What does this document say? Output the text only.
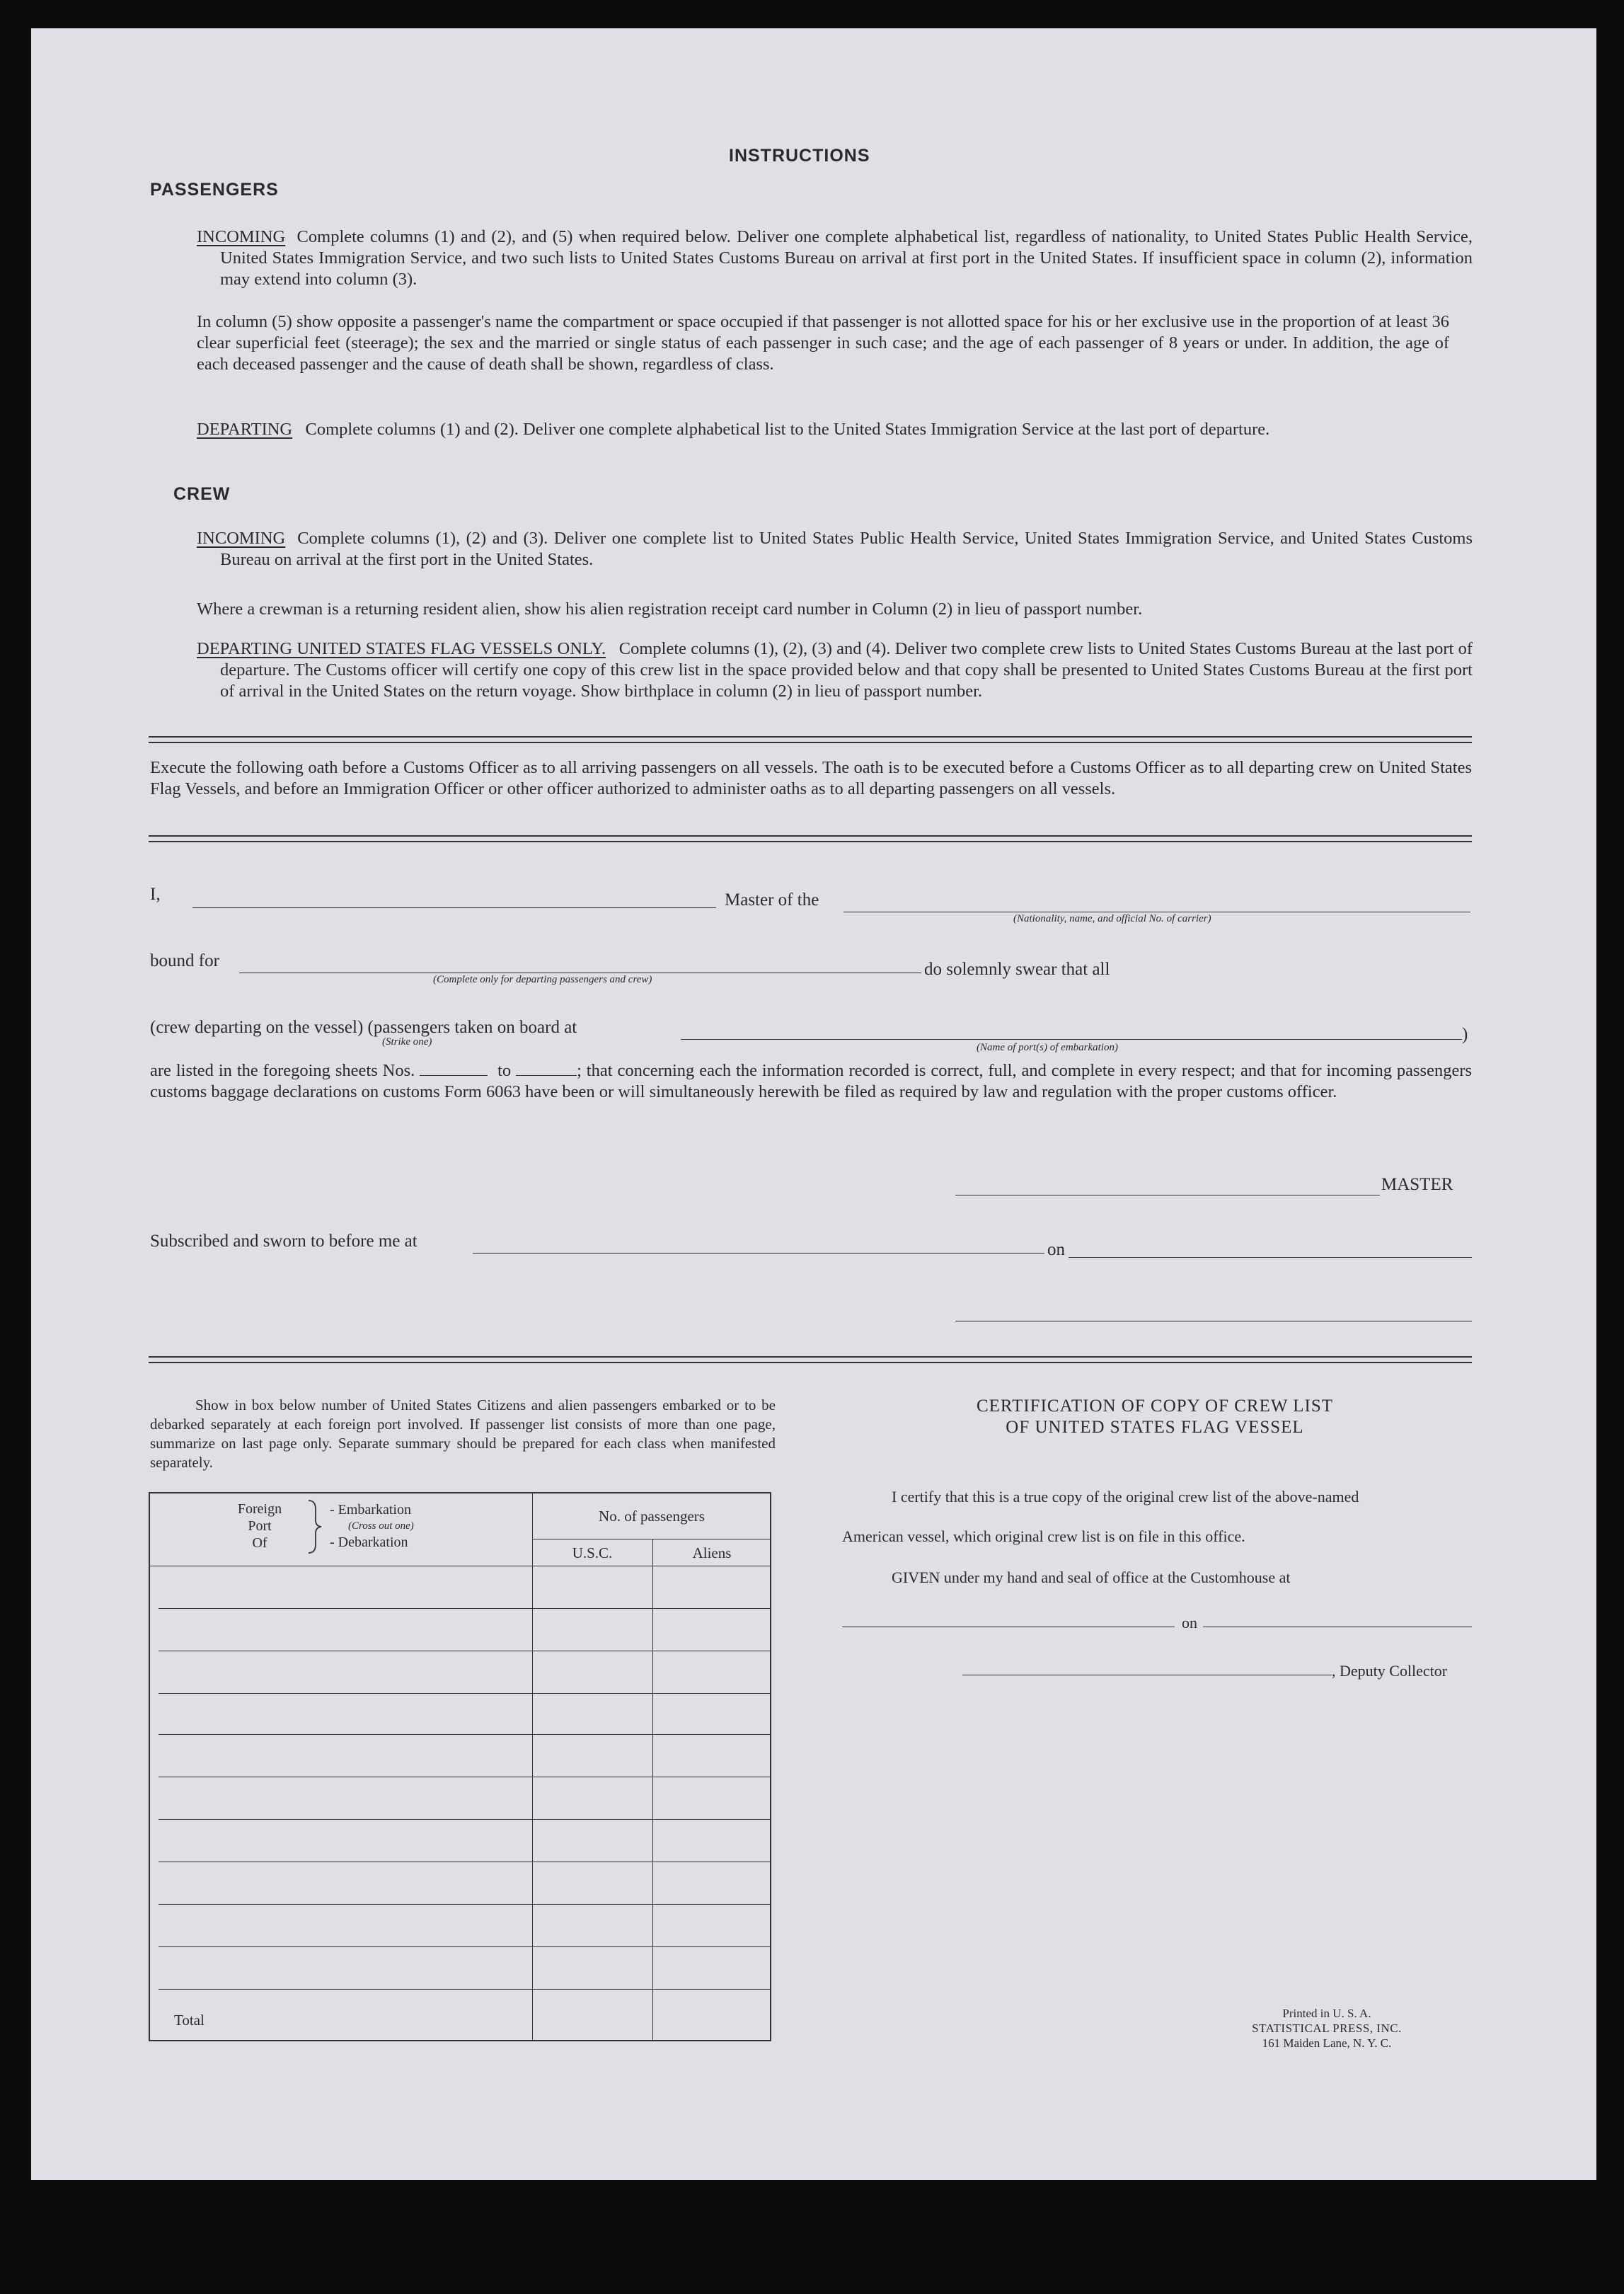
INSTRUCTIONS
PASSENGERS
INCOMING Complete columns (1) and (2), and (5) when required below. Deliver one complete alphabetical list, regardless of nationality, to United States Public Health Service, United States Immigration Service, and two such lists to United States Customs Bureau on arrival at first port in the United States. If insufficient space in column (2), information may extend into column (3).
In column (5) show opposite a passenger's name the compartment or space occupied if that passenger is not allotted space for his or her exclusive use in the proportion of at least 36 clear superficial feet (steerage); the sex and the married or single status of each passenger in such case; and the age of each passenger of 8 years or under. In addition, the age of each deceased passenger and the cause of death shall be shown, regardless of class.
DEPARTING Complete columns (1) and (2). Deliver one complete alphabetical list to the United States Immigration Service at the last port of departure.
CREW
INCOMING Complete columns (1), (2) and (3). Deliver one complete list to United States Public Health Service, United States Immigration Service, and United States Customs Bureau on arrival at the first port in the United States.
Where a crewman is a returning resident alien, show his alien registration receipt card number in Column (2) in lieu of passport number.
DEPARTING UNITED STATES FLAG VESSELS ONLY. Complete columns (1), (2), (3) and (4). Deliver two complete crew lists to United States Customs Bureau at the last port of departure. The Customs officer will certify one copy of this crew list in the space provided below and that copy shall be presented to United States Customs Bureau at the first port of arrival in the United States on the return voyage. Show birthplace in column (2) in lieu of passport number.
Execute the following oath before a Customs Officer as to all arriving passengers on all vessels. The oath is to be executed before a Customs Officer as to all departing crew on United States Flag Vessels, and before an Immigration Officer or other officer authorized to administer oaths as to all departing passengers on all vessels.
I,	Master of the
(Nationality, name, and official No. of carrier)
bound for
(Complete only for departing passengers and crew)
do solemnly swear that all
(crew departing on the vessel) (passengers taken on board at
(Strike one)	(Name of port(s) of embarkation)
)
are listed in the foregoing sheets Nos.	to	; that concerning each the information recorded is correct, full, and complete in every respect; and that for incoming passengers customs baggage declarations on customs Form 6063 have been or will simultaneously herewith be filed as required by law and regulation with the proper customs officer.
MASTER
Subscribed and sworn to before me at	on
Show in box below number of United States Citizens and alien passengers embarked or to be debarked separately at each foreign port involved. If passenger list consists of more than one page, summarize on last page only. Separate summary should be prepared for each class when manifested separately.
Foreign
Port
Of
- Embarkation
(Cross out one)
- Debarkation
No. of passengers
U.S.C.	Aliens
Total
CERTIFICATION OF COPY OF CREW LIST
OF UNITED STATES FLAG VESSEL
I certify that this is a true copy of the original crew list of the above-named
American vessel, which original crew list is on file in this office.
GIVEN under my hand and seal of office at the Customhouse at
on
, Deputy Collector
Printed in U. S. A.
STATISTICAL PRESS, INC.
161 Maiden Lane, N. Y. C.
